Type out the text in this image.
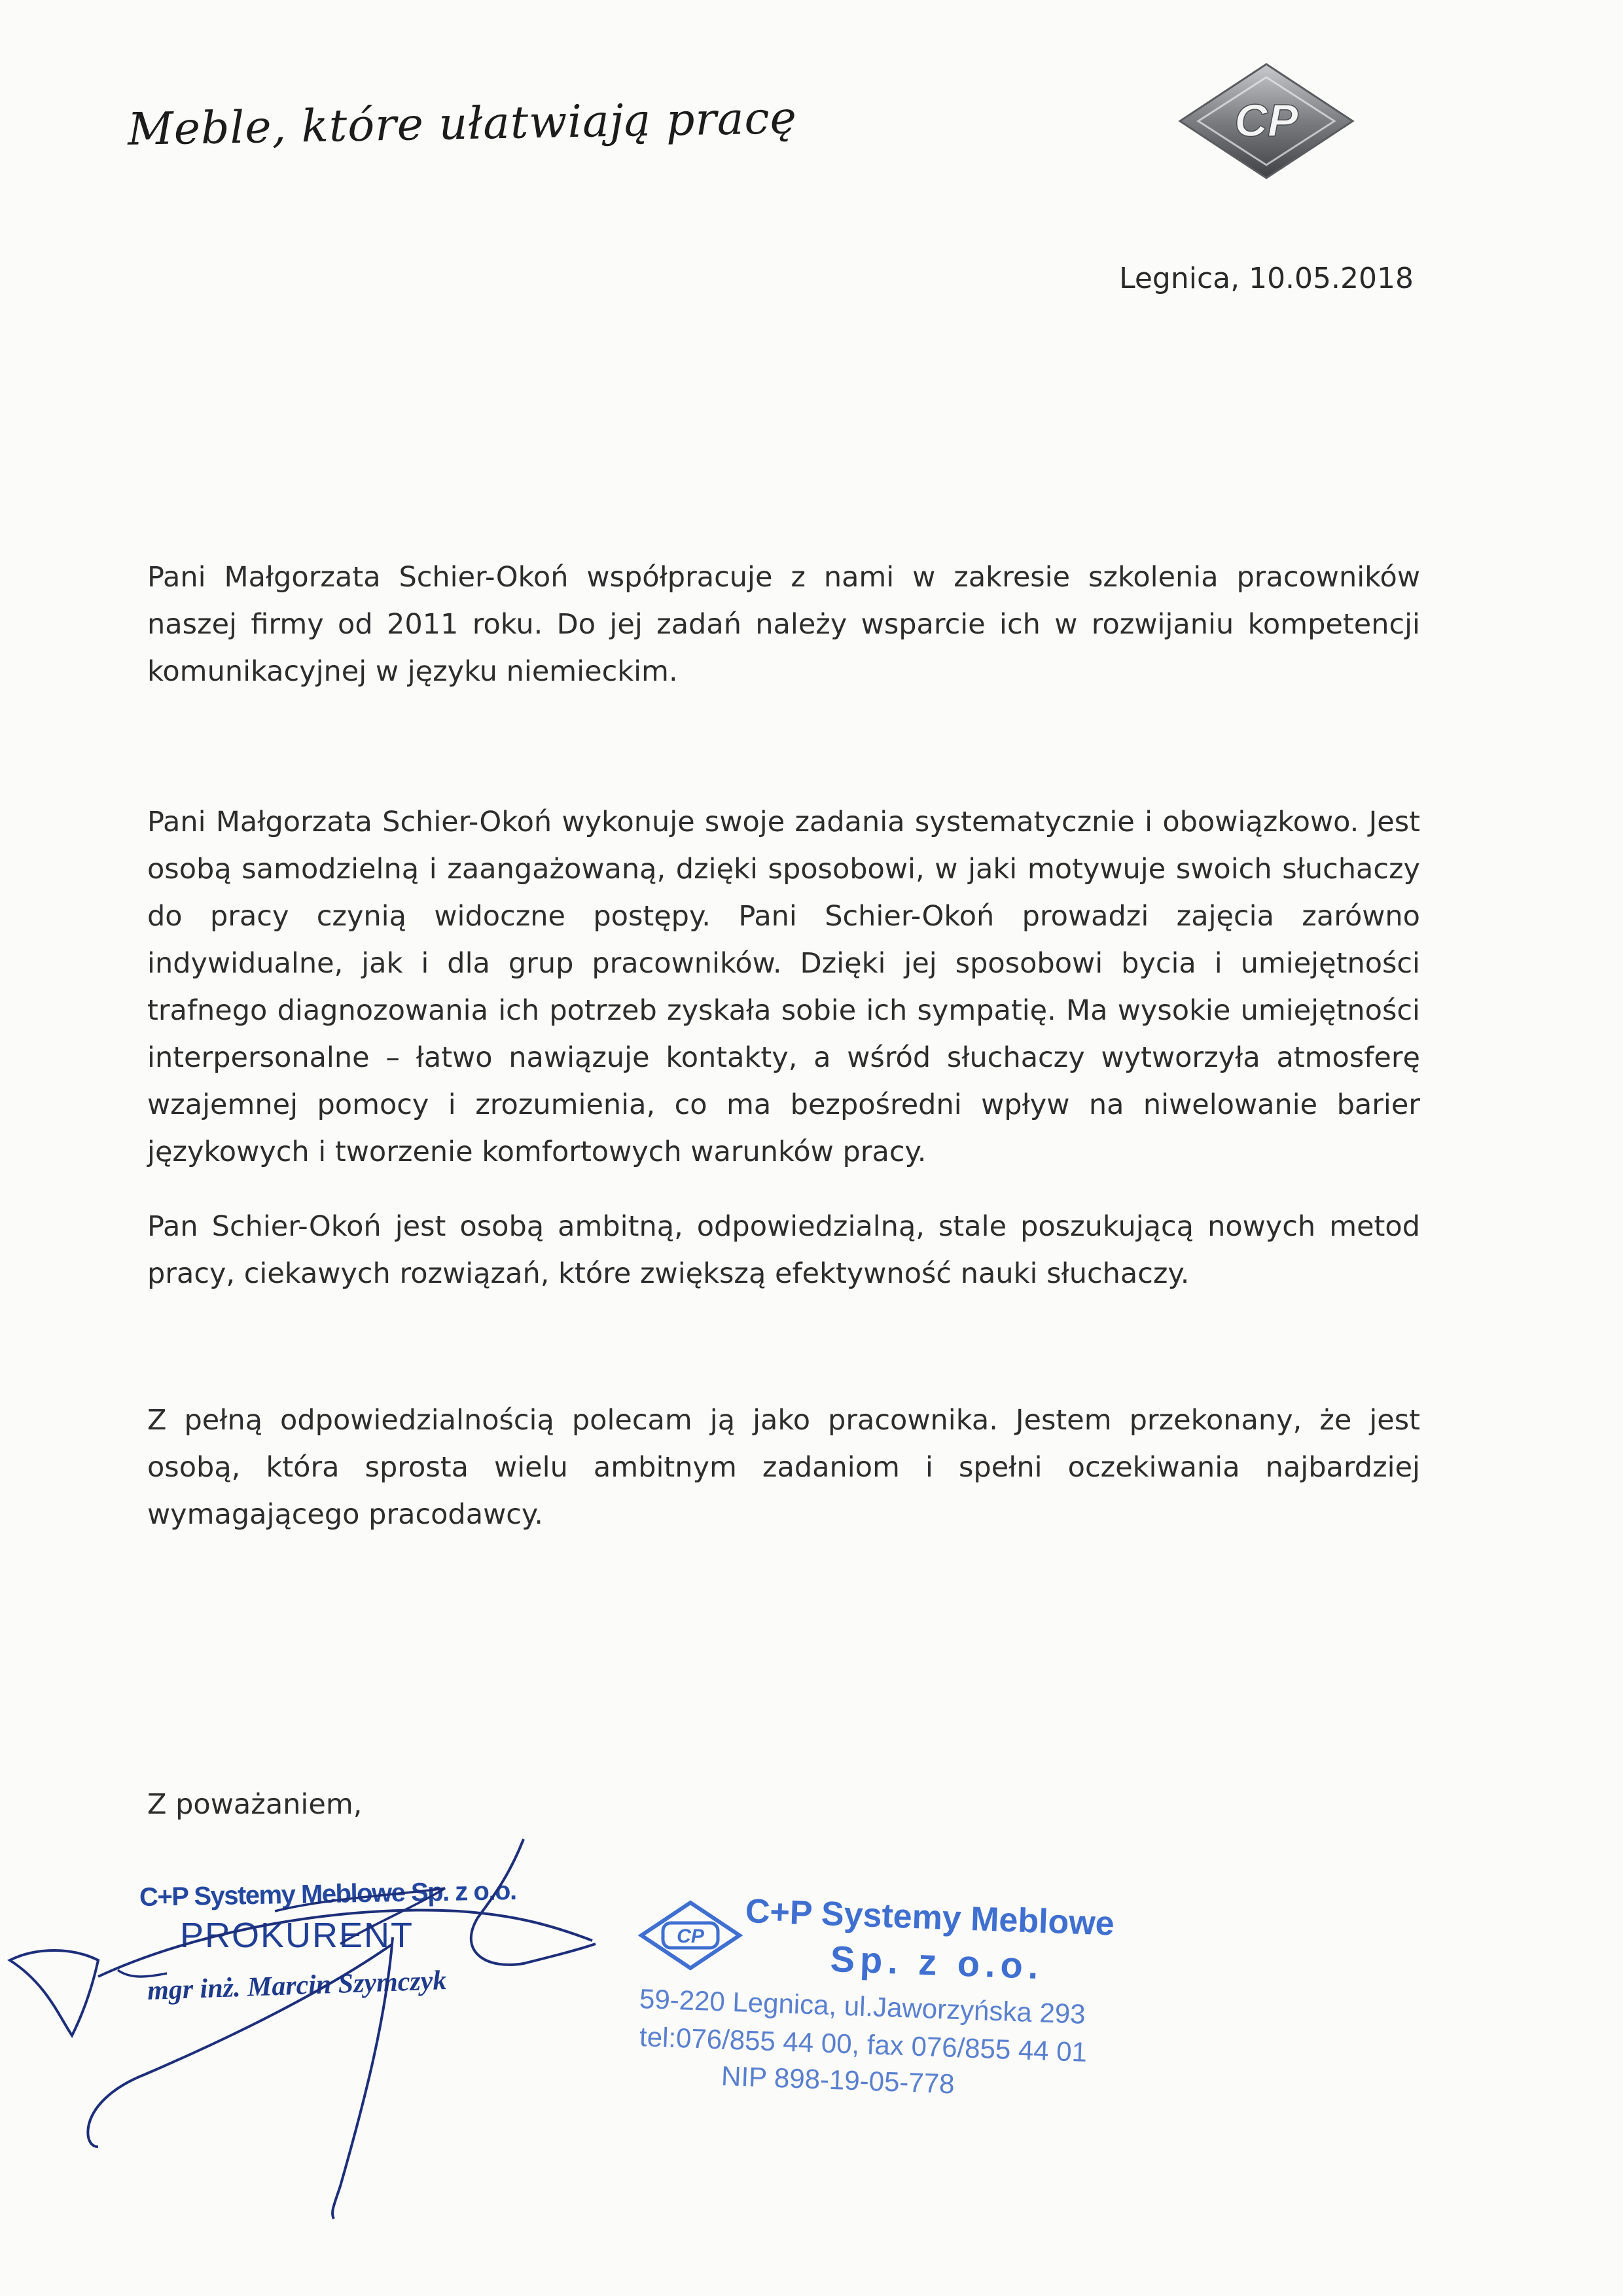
Meble, które ułatwiają pracę	CP
Legnica, 10.05.2018
Pani Małgorzata Schier-Okoń współpracuje z nami w zakresie szkolenia pracowników naszej firmy od 2011 roku. Do jej zadań należy wsparcie ich w rozwijaniu kompetencji komunikacyjnej w języku niemieckim.
Pani Małgorzata Schier-Okoń wykonuje swoje zadania systematycznie i obowiązkowo. Jest osobą samodzielną i zaangażowaną, dzięki sposobowi, w jaki motywuje swoich słuchaczy do pracy czynią widoczne postępy. Pani Schier-Okoń prowadzi zajęcia zarówno indywidualne, jak i dla grup pracowników. Dzięki jej sposobowi bycia i umiejętności trafnego diagnozowania ich potrzeb zyskała sobie ich sympatię. Ma wysokie umiejętności interpersonalne – łatwo nawiązuje kontakty, a wśród słuchaczy wytworzyła atmosferę wzajemnej pomocy i zrozumienia, co ma bezpośredni wpływ na niwelowanie barier językowych i tworzenie komfortowych warunków pracy.
Pan Schier-Okoń jest osobą ambitną, odpowiedzialną, stale poszukującą nowych metod pracy, ciekawych rozwiązań, które zwiększą efektywność nauki słuchaczy.
Z pełną odpowiedzialnością polecam ją jako pracownika. Jestem przekonany, że jest osobą, która sprosta wielu ambitnym zadaniom i spełni oczekiwania najbardziej wymagającego pracodawcy.
Z poważaniem,
C+P Systemy Meblowe Sp. z o.o.
PROKURENT
mgr inż. Marcin Szymczyk
CP C+P Systemy Meblowe
Sp. z o.o.
59-220 Legnica, ul.Jaworzyńska 293
tel:076/855 44 00, fax 076/855 44 01
NIP 898-19-05-778
